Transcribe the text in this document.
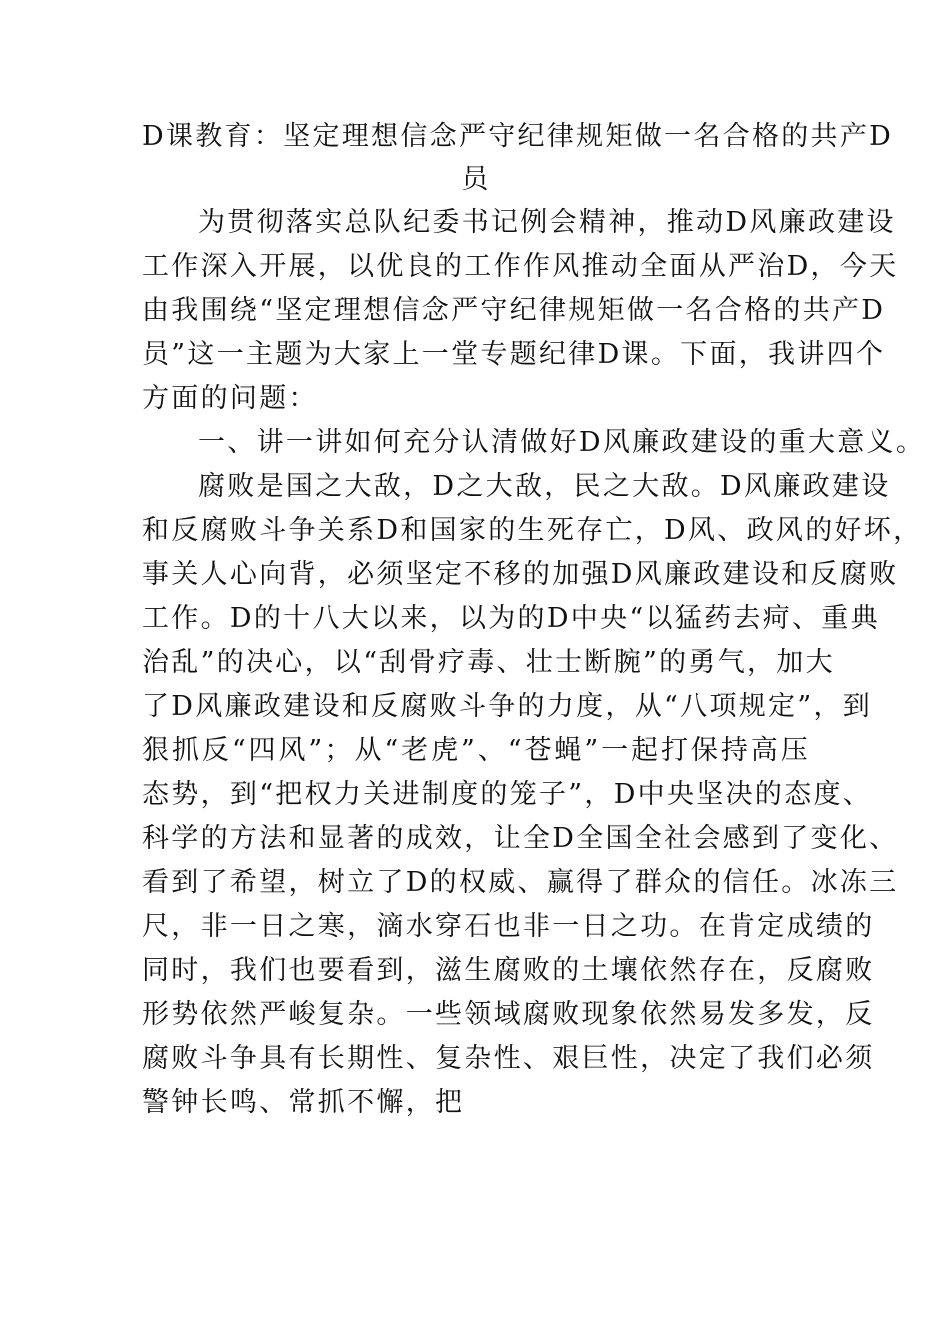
D课教育：坚定理想信念严守纪律规矩做一名合格的共产D
员
为贯彻落实总队纪委书记例会精神，推动D风廉政建设
工作深入开展，以优良的工作作风推动全面从严治D，今天
由我围绕“坚定理想信念严守纪律规矩做一名合格的共产D
员”这一主题为大家上一堂专题纪律D课。下面，我讲四个
方面的问题：
一、讲一讲如何充分认清做好D风廉政建设的重大意义。
腐败是国之大敌，D之大敌，民之大敌。D风廉政建设
和反腐败斗争关系D和国家的生死存亡，D风、政风的好坏，
事关人心向背，必须坚定不移的加强D风廉政建设和反腐败
工作。D的十八大以来，以为的D中央“以猛药去疴、重典
治乱”的决心，以“刮骨疗毒、壮士断腕”的勇气，加大
了D风廉政建设和反腐败斗争的力度，从“八项规定”，到
狠抓反“四风”；从“老虎”、“苍蝇”一起打保持高压
态势，到“把权力关进制度的笼子”，D中央坚决的态度、
科学的方法和显著的成效，让全D全国全社会感到了变化、
看到了希望，树立了D的权威、赢得了群众的信任。冰冻三
尺，非一日之寒，滴水穿石也非一日之功。在肯定成绩的
同时，我们也要看到，滋生腐败的土壤依然存在，反腐败
形势依然严峻复杂。一些领域腐败现象依然易发多发，反
腐败斗争具有长期性、复杂性、艰巨性，决定了我们必须
警钟长鸣、常抓不懈，把
